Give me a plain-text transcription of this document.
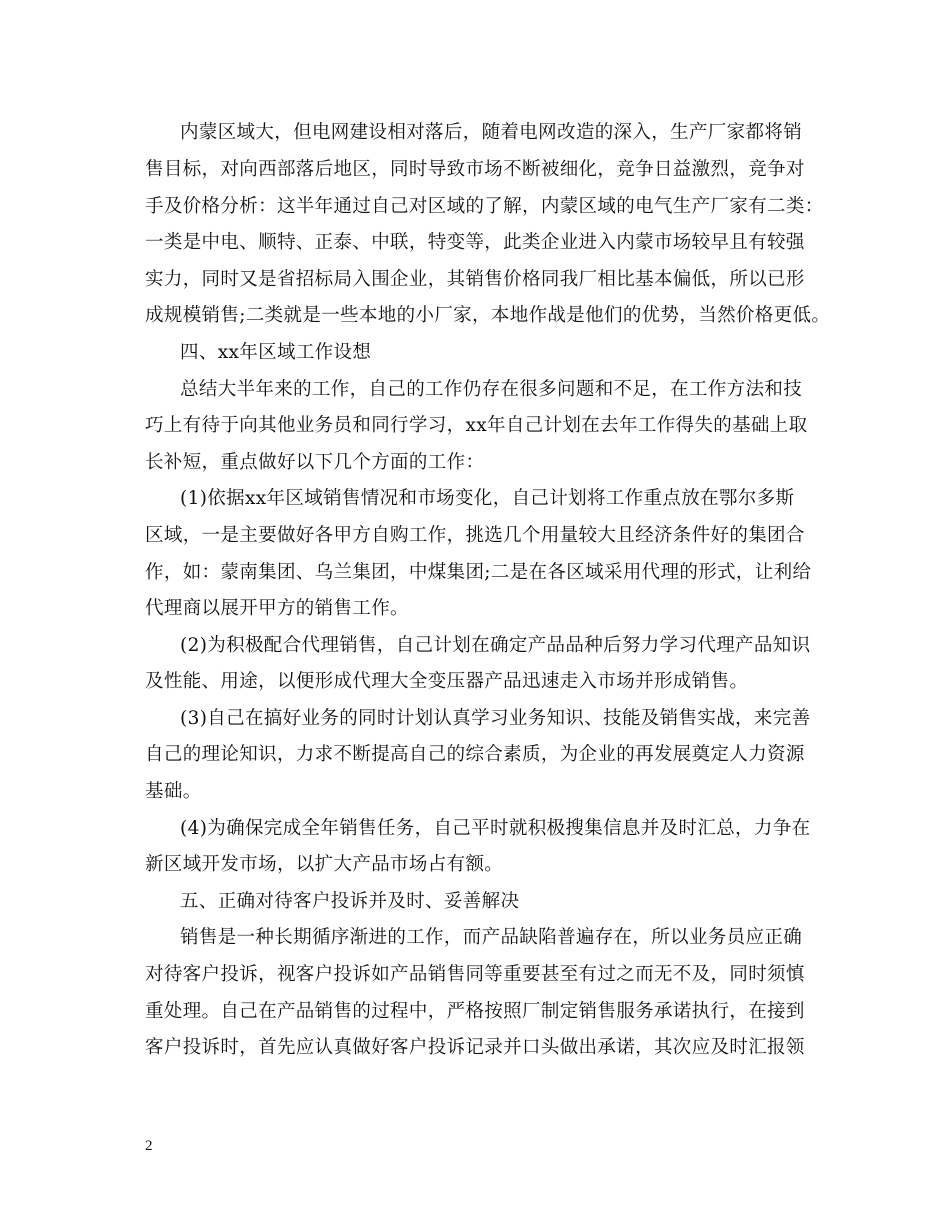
内蒙区域大，但电网建设相对落后，随着电网改造的深入，生产厂家都将销
售目标，对向西部落后地区，同时导致市场不断被细化，竞争日益激烈，竞争对
手及价格分析：这半年通过自己对区域的了解，内蒙区域的电气生产厂家有二类：
一类是中电、顺特、正泰、中联，特变等，此类企业进入内蒙市场较早且有较强
实力，同时又是省招标局入围企业，其销售价格同我厂相比基本偏低，所以已形
成规模销售;二类就是一些本地的小厂家，本地作战是他们的优势，当然价格更低。
四、xx年区域工作设想
总结大半年来的工作，自己的工作仍存在很多问题和不足，在工作方法和技
巧上有待于向其他业务员和同行学习，xx年自己计划在去年工作得失的基础上取
长补短，重点做好以下几个方面的工作：
(1)依据xx年区域销售情况和市场变化，自己计划将工作重点放在鄂尔多斯
区域，一是主要做好各甲方自购工作，挑选几个用量较大且经济条件好的集团合
作，如：蒙南集团、乌兰集团，中煤集团;二是在各区域采用代理的形式，让利给
代理商以展开甲方的销售工作。
(2)为积极配合代理销售，自己计划在确定产品品种后努力学习代理产品知识
及性能、用途，以便形成代理大全变压器产品迅速走入市场并形成销售。
(3)自己在搞好业务的同时计划认真学习业务知识、技能及销售实战，来完善
自己的理论知识，力求不断提高自己的综合素质，为企业的再发展奠定人力资源
基础。
(4)为确保完成全年销售任务，自己平时就积极搜集信息并及时汇总，力争在
新区域开发市场，以扩大产品市场占有额。
五、正确对待客户投诉并及时、妥善解决
销售是一种长期循序渐进的工作，而产品缺陷普遍存在，所以业务员应正确
对待客户投诉，视客户投诉如产品销售同等重要甚至有过之而无不及，同时须慎
重处理。自己在产品销售的过程中，严格按照厂制定销售服务承诺执行，在接到
客户投诉时，首先应认真做好客户投诉记录并口头做出承诺，其次应及时汇报领
2
